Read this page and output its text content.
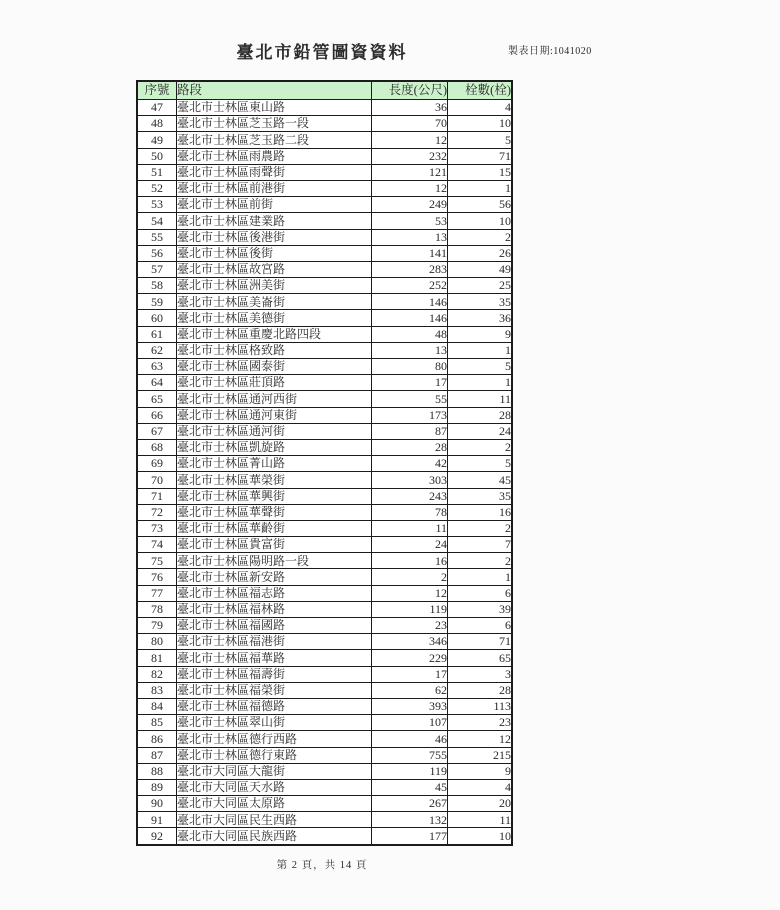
臺北市鉛管圖資資料	製表日期:1041020
序號	路段	長度(公尺)	栓數(栓)
47	臺北市士林區東山路	36	4
48	臺北市士林區芝玉路一段	70	10
49	臺北市士林區芝玉路二段	12	5
50	臺北市士林區雨農路	232	71
51	臺北市士林區雨聲街	121	15
52	臺北市士林區前港街	12	1
53	臺北市士林區前街	249	56
54	臺北市士林區建業路	53	10
55	臺北市士林區後港街	13	2
56	臺北市士林區後街	141	26
57	臺北市士林區故宮路	283	49
58	臺北市士林區洲美街	252	25
59	臺北市士林區美崙街	146	35
60	臺北市士林區美德街	146	36
61	臺北市士林區重慶北路四段	48	9
62	臺北市士林區格致路	13	1
63	臺北市士林區國泰街	80	5
64	臺北市士林區莊頂路	17	1
65	臺北市士林區通河西街	55	11
66	臺北市士林區通河東街	173	28
67	臺北市士林區通河街	87	24
68	臺北市士林區凱旋路	28	2
69	臺北市士林區菁山路	42	5
70	臺北市士林區華榮街	303	45
71	臺北市士林區華興街	243	35
72	臺北市士林區華聲街	78	16
73	臺北市士林區華齡街	11	2
74	臺北市士林區貴富街	24	7
75	臺北市士林區陽明路一段	16	2
76	臺北市士林區新安路	2	1
77	臺北市士林區福志路	12	6
78	臺北市士林區福林路	119	39
79	臺北市士林區福國路	23	6
80	臺北市士林區福港街	346	71
81	臺北市士林區福華路	229	65
82	臺北市士林區福壽街	17	3
83	臺北市士林區福榮街	62	28
84	臺北市士林區福德路	393	113
85	臺北市士林區翠山街	107	23
86	臺北市士林區德行西路	46	12
87	臺北市士林區德行東路	755	215
88	臺北市大同區大龍街	119	9
89	臺北市大同區天水路	45	4
90	臺北市大同區太原路	267	20
91	臺北市大同區民生西路	132	11
92	臺北市大同區民族西路	177	10
第 2 頁，共 14 頁
